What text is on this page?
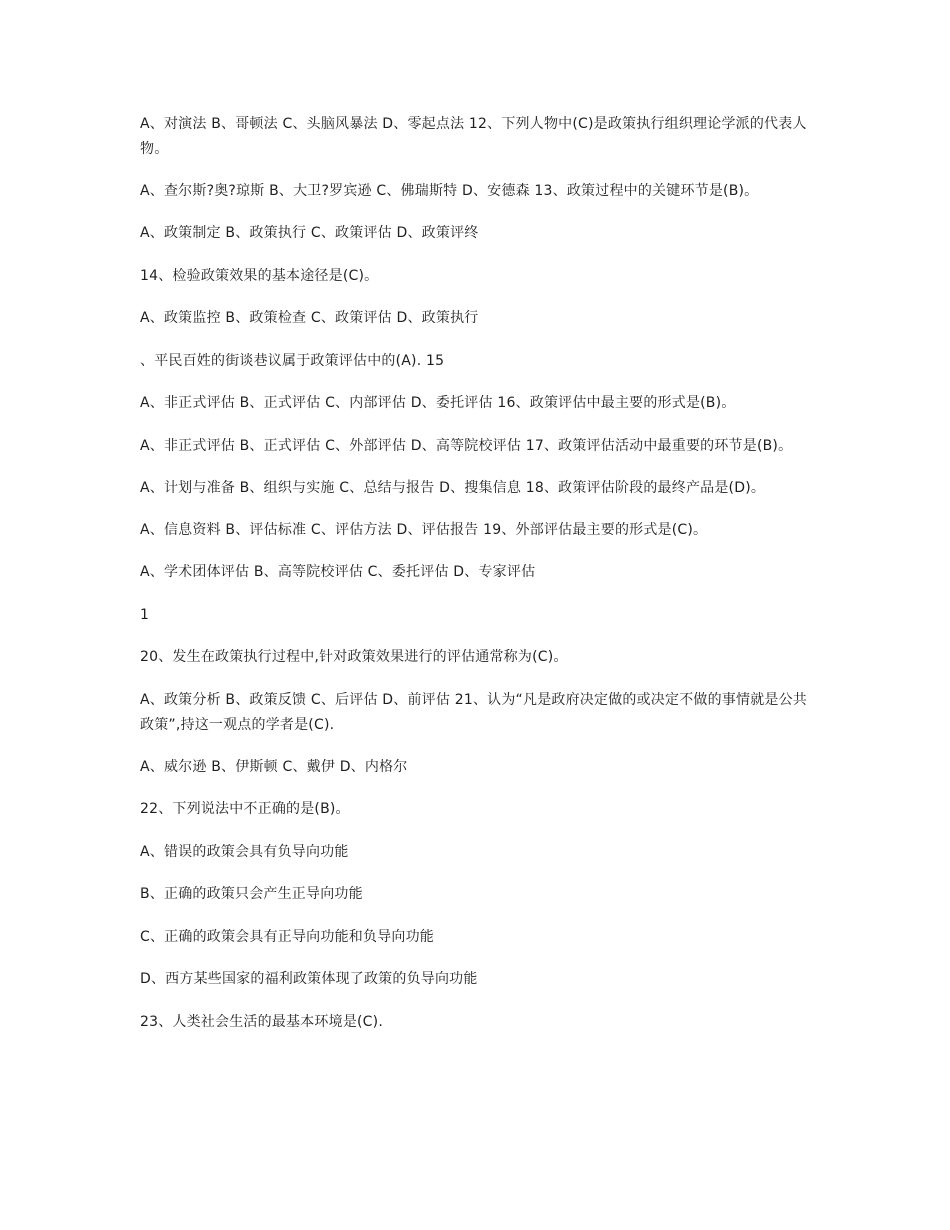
A、对演法 B、哥顿法 C、头脑风暴法 D、零起点法 12、下列人物中(C)是政策执行组织理论学派的代表人物。

A、查尔斯?奥?琼斯 B、大卫?罗宾逊 C、佛瑞斯特 D、安德森 13、政策过程中的关键环节是(B)。

A、政策制定 B、政策执行 C、政策评估 D、政策评终

14、检验政策效果的基本途径是(C)。

A、政策监控 B、政策检查 C、政策评估 D、政策执行

、平民百姓的街谈巷议属于政策评估中的(A). 15

A、非正式评估 B、正式评估 C、内部评估 D、委托评估 16、政策评估中最主要的形式是(B)。

A、非正式评估 B、正式评估 C、外部评估 D、高等院校评估 17、政策评估活动中最重要的环节是(B)。

A、计划与准备 B、组织与实施 C、总结与报告 D、搜集信息 18、政策评估阶段的最终产品是(D)。

A、信息资料 B、评估标准 C、评估方法 D、评估报告 19、外部评估最主要的形式是(C)。

A、学术团体评估 B、高等院校评估 C、委托评估 D、专家评估

1

20、发生在政策执行过程中,针对政策效果进行的评估通常称为(C)。

A、政策分析 B、政策反馈 C、后评估 D、前评估 21、认为“凡是政府决定做的或决定不做的事情就是公共政策”,持这一观点的学者是(C).

A、威尔逊 B、伊斯顿 C、戴伊 D、内格尔

22、下列说法中不正确的是(B)。

A、错误的政策会具有负导向功能

B、正确的政策只会产生正导向功能

C、正确的政策会具有正导向功能和负导向功能

D、西方某些国家的福利政策体现了政策的负导向功能

23、人类社会生活的最基本环境是(C).
